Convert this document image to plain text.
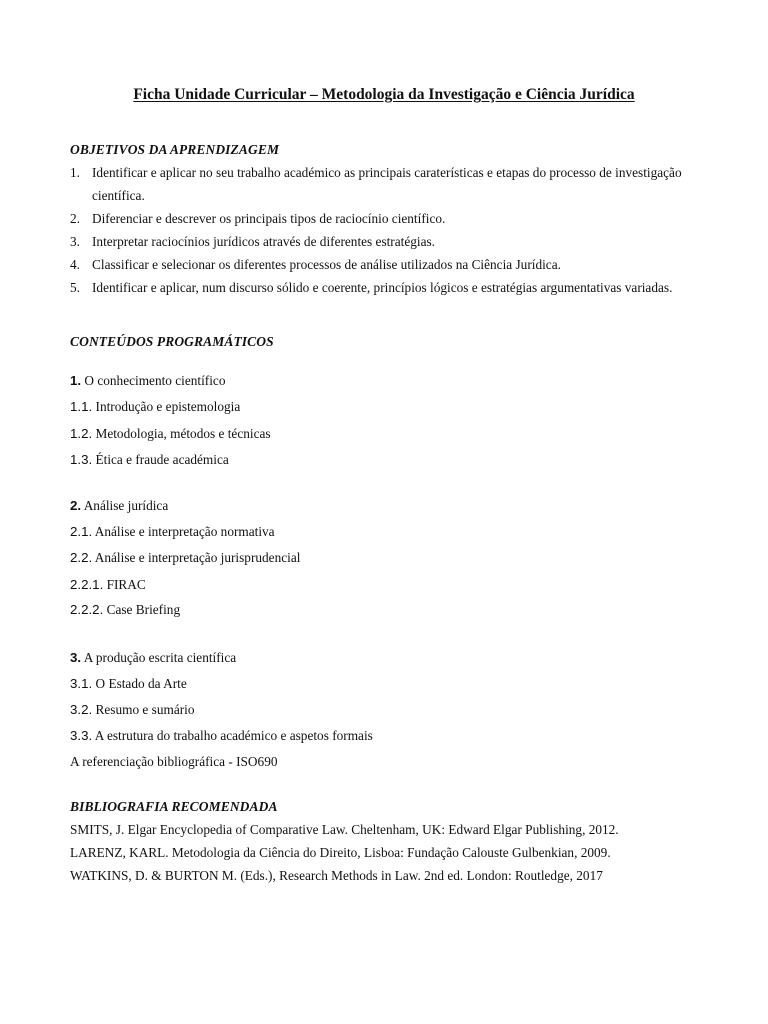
Ficha Unidade Curricular – Metodologia da Investigação e Ciência Jurídica
OBJETIVOS DA APRENDIZAGEM
1. Identificar e aplicar no seu trabalho académico as principais caraterísticas e etapas do processo de investigação
científica.
2. Diferenciar e descrever os principais tipos de raciocínio científico.
3. Interpretar raciocínios jurídicos através de diferentes estratégias.
4. Classificar e selecionar os diferentes processos de análise utilizados na Ciência Jurídica.
5. Identificar e aplicar, num discurso sólido e coerente, princípios lógicos e estratégias argumentativas variadas.
CONTEÚDOS PROGRAMÁTICOS
1. O conhecimento científico
1.1. Introdução e epistemologia
1.2. Metodologia, métodos e técnicas
1.3. Ética e fraude académica
2. Análise jurídica
2.1. Análise e interpretação normativa
2.2. Análise e interpretação jurisprudencial
2.2.1. FIRAC
2.2.2. Case Briefing
3. A produção escrita científica
3.1. O Estado da Arte
3.2. Resumo e sumário
3.3. A estrutura do trabalho académico e aspetos formais
A referenciação bibliográfica - ISO690
BIBLIOGRAFIA RECOMENDADA
SMITS, J. Elgar Encyclopedia of Comparative Law. Cheltenham, UK: Edward Elgar Publishing, 2012.
LARENZ, KARL. Metodologia da Ciência do Direito, Lisboa: Fundação Calouste Gulbenkian, 2009.
WATKINS, D. & BURTON M. (Eds.), Research Methods in Law. 2nd ed. London: Routledge, 2017
